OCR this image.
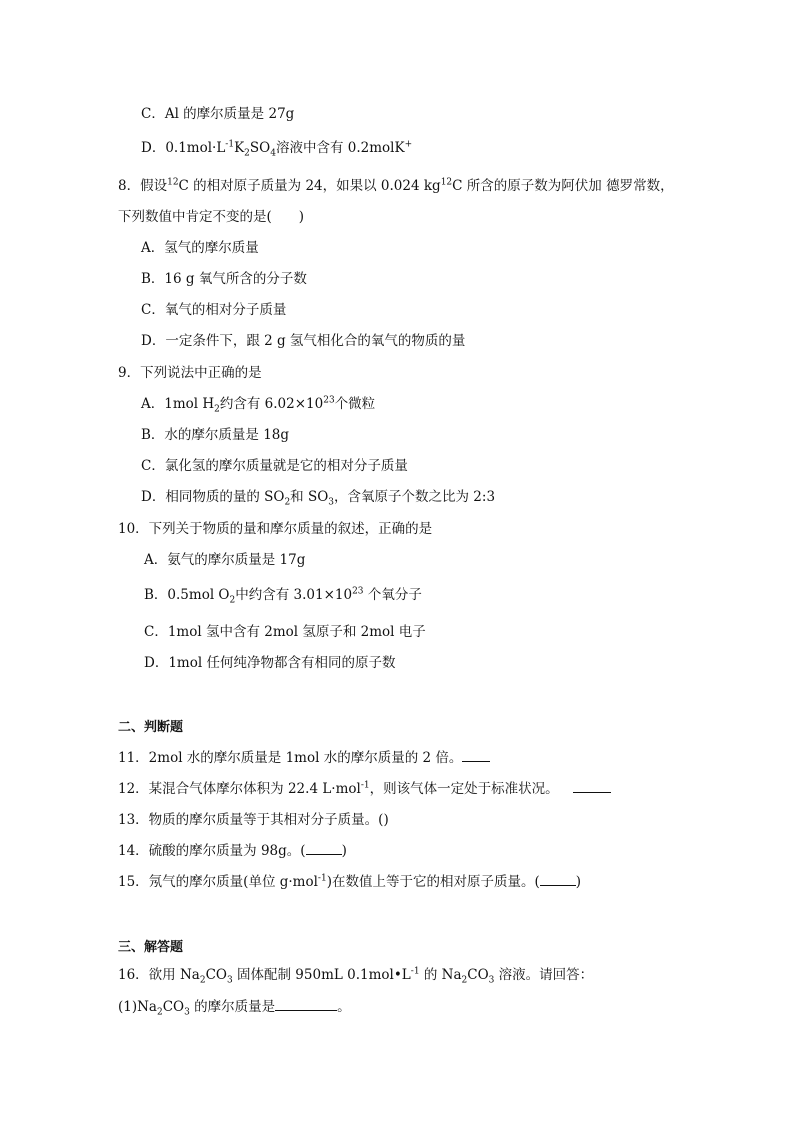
C．Al 的摩尔质量是 27g
D．$0.1mol\cdot L^{-1}K_2SO_4$溶液中含有 0.2molK+
8．假设$^{12}$C 的相对原子质量为 24，如果以 0.024 $kg^{12}C$ 所含的原子数为阿伏加 德罗常数，
下列数值中肯定不变的是(　　)
A．氢气的摩尔质量
B．16 g 氧气所含的分子数
C．氧气的相对分子质量
D．一定条件下，跟 2 g 氢气相化合的氧气的物质的量
9．下列说法中正确的是
A．1mol $H_2$约含有 $6.02\times 10^{23}$个微粒
B．水的摩尔质量是 18g
C．氯化氢的摩尔质量就是它的相对分子质量
D．相同物质的量的 $SO_2$和 $SO_3$，含氧原子个数之比为 2:3
10．下列关于物质的量和摩尔质量的叙述，正确的是
A．氨气的摩尔质量是 17g
B．0.5mol $O_2$中约含有 $3.01\times 10^{23}$ 个氧分子
C．1mol 氢中含有 2mol 氢原子和 2mol 电子
D．1mol 任何纯净物都含有相同的原子数
二、判断题
11．2mol 水的摩尔质量是 1mol 水的摩尔质量的 2 倍。
12．某混合气体摩尔体积为 22.4 L·mol$^{-1}$，则该气体一定处于标准状况。
13．物质的摩尔质量等于其相对分子质量。()
14．硫酸的摩尔质量为 98g。(	)
15．氖气的摩尔质量(单位 g·mol$^{-1}$)在数值上等于它的相对原子质量。(	)
三、解答题
16．欲用 $Na_2CO_3$ 固体配制 950mL $0.1mol•L^{-1}$ 的 $Na_2CO_3$ 溶液。请回答：
$(1)Na_2CO_3$ 的摩尔质量是	。
